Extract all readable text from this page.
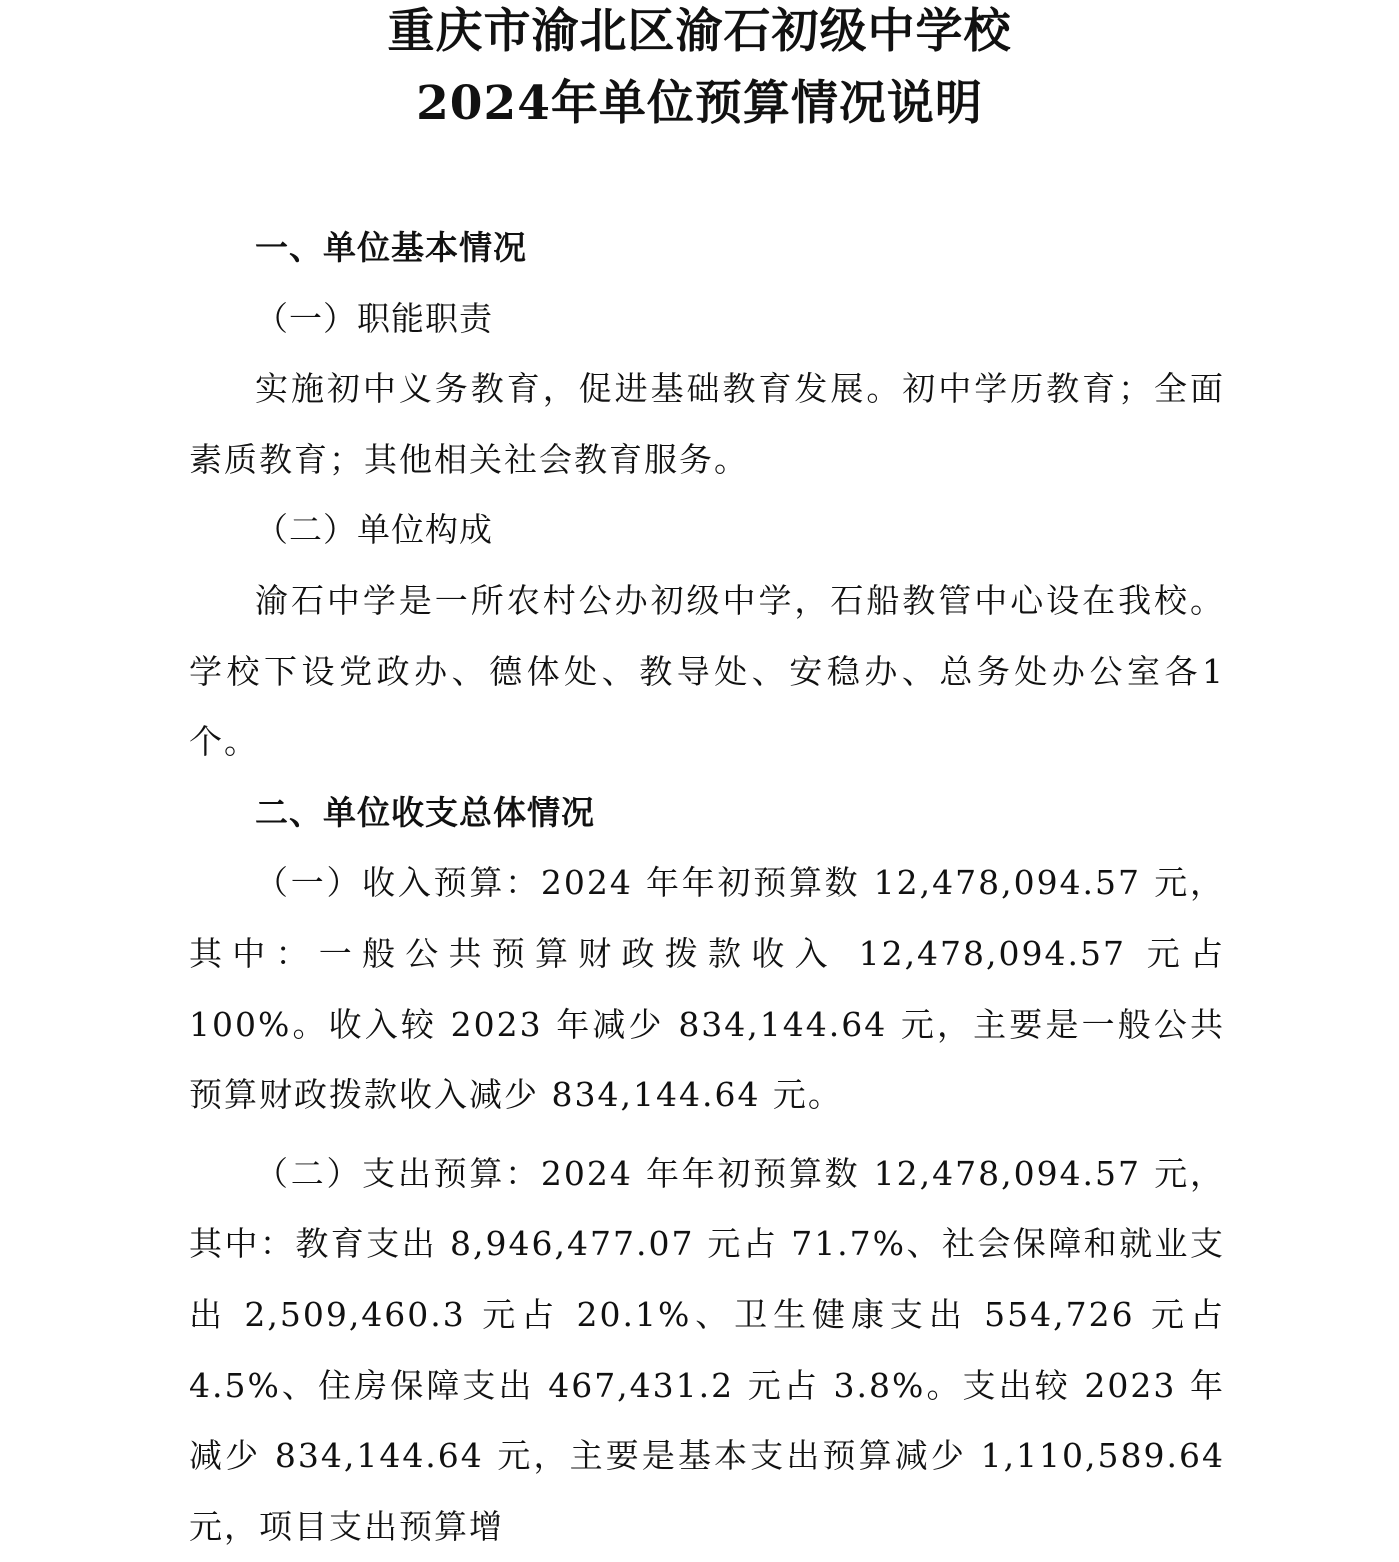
重庆市渝北区渝石初级中学校
2024年单位预算情况说明

一、单位基本情况

（一）职能职责

实施初中义务教育，促进基础教育发展。初中学历教育；全面素质教育；其他相关社会教育服务。

（二）单位构成

渝石中学是一所农村公办初级中学，石船教管中心设在我校。学校下设党政办、德体处、教导处、安稳办、总务处办公室各1个。

二、单位收支总体情况

（一）收入预算：2024 年年初预算数 12,478,094.57 元，其中：一般公共预算财政拨款收入 12,478,094.57 元占 100%。收入较 2023 年减少 834,144.64 元，主要是一般公共预算财政拨款收入减少 834,144.64 元。

（二）支出预算：2024 年年初预算数 12,478,094.57 元，其中：教育支出 8,946,477.07 元占 71.7%、社会保障和就业支出 2,509,460.3 元占 20.1%、卫生健康支出 554,726 元占 4.5%、住房保障支出 467,431.2 元占 3.8%。支出较 2023 年减少 834,144.64 元，主要是基本支出预算减少 1,110,589.64 元，项目支出预算增
